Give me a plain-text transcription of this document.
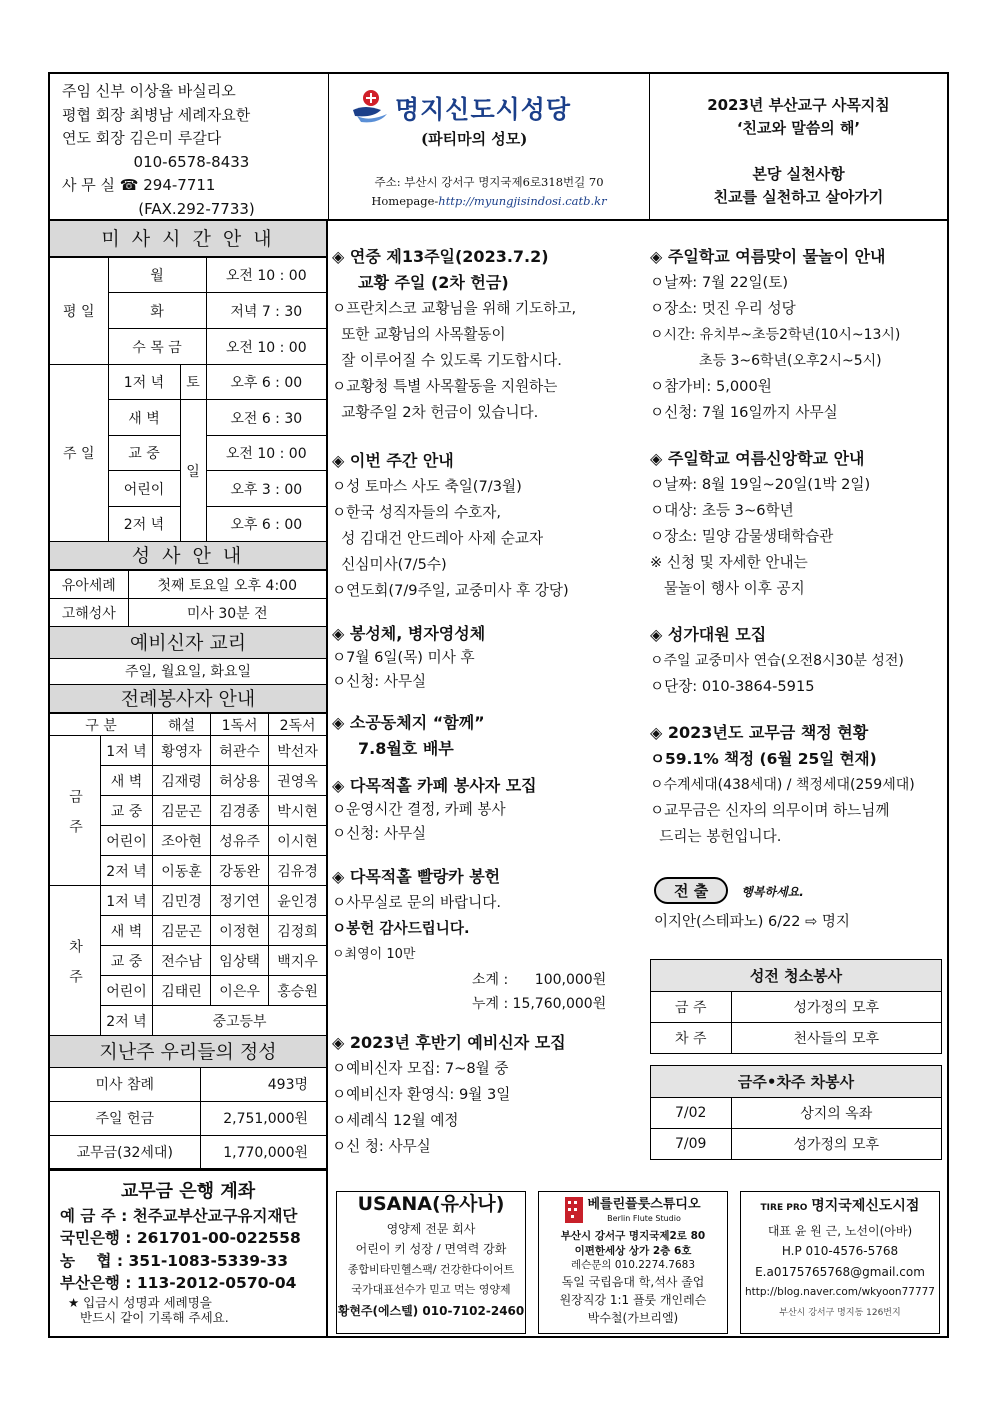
주임 신부 이상율 바실리오
평협 회장 최병남 세례자요한
연도 회장 김은미 루갈다
010-6578-8433
사 무 실 ☎ 294-7711
(FAX.292-7733)
명지신도시성당
(파티마의 성모)
주소: 부산시 강서구 명지국제6로318번길 70
Homepage-http://myungjisindosi.catb.kr
2023년 부산교구 사목지침
‘친교와 말씀의 해’
본당 실천사항
친교를 실천하고 살아가기
미 사 시 간 안 내
평 일	월		오전 10 : 00
	화		저녁 7 : 30
	수 목 금		오전 10 : 00
주 일	1저 녁	토	오후 6 : 00
	새 벽	일	오전 6 : 30
	교 중		오전 10 : 00
	어린이		오후 3 : 00
	2저 녁		오후 6 : 00
성 사 안 내
유아세례	첫째 토요일 오후 4:00
고해성사	미사 30분 전
예비신자 교리
주일, 월요일, 화요일
전례봉사자 안내
구 분		해설	1독서	2독서
금 주	1저 녁	황영자	허관수	박선자
	새 벽	김재령	허상용	권영옥
	교 중	김문곤	김경종	박시현
	어린이	조아현	성유주	이시현
	2저 녁	이동훈	강동완	김유경
차 주	1저 녁	김민경	정기연	윤인경
	새 벽	김문곤	이정현	김정희
	교 중	전수남	임상택	백지우
	어린이	김태린	이은우	홍승원
	2저 녁	중고등부		
지난주 우리들의 정성
미사 참례	493명
주일 헌금	2,751,000원
교무금(32세대)	1,770,000원
교무금 은행 계좌
예 금 주 : 천주교부산교구유지재단
국민은행 : 261701-00-022558
농    협 : 351-1083-5339-33
부산은행 : 113-2012-0570-04
★ 입금시 성명과 세례명을
반드시 같이 기록해 주세요.
◈ 연중 제13주일(2023.7.2)
교황 주일 (2차 헌금)
ㅇ프란치스코 교황님을 위해 기도하고,
또한 교황님의 사목활동이
잘 이루어질 수 있도록 기도합시다.
ㅇ교황청 특별 사목활동을 지원하는
교황주일 2차 헌금이 있습니다.
◈ 이번 주간 안내
ㅇ성 토마스 사도 축일(7/3월)
ㅇ한국 성직자들의 수호자,
성 김대건 안드레아 사제 순교자
신심미사(7/5수)
ㅇ연도회(7/9주일, 교중미사 후 강당)
◈ 봉성체, 병자영성체
ㅇ7월 6일(목) 미사 후
ㅇ신청: 사무실
◈ 소공동체지 “함께”
7.8월호 배부
◈ 다목적홀 카페 봉사자 모집
ㅇ운영시간 결정, 카페 봉사
ㅇ신청: 사무실
◈ 다목적홀 빨랑카 봉헌
ㅇ사무실로 문의 바랍니다.
ㅇ봉헌 감사드립니다.
ㅇ최영이 10만
소계 : 100,000원
누계 : 15,760,000원
◈ 2023년 후반기 예비신자 모집
ㅇ예비신자 모집: 7~8월 중
ㅇ예비신자 환영식: 9월 3일
ㅇ세례식 12월 예정
ㅇ신 청: 사무실
◈ 주일학교 여름맞이 물놀이 안내
ㅇ날짜: 7월 22일(토)
ㅇ장소: 멋진 우리 성당
ㅇ시간: 유치부~초등2학년(10시~13시)
초등 3~6학년(오후2시~5시)
ㅇ참가비: 5,000원
ㅇ신청: 7월 16일까지 사무실
◈ 주일학교 여름신앙학교 안내
ㅇ날짜: 8월 19일~20일(1박 2일)
ㅇ대상: 초등 3~6학년
ㅇ장소: 밀양 감물생태학습관
※ 신청 및 자세한 안내는
물놀이 행사 이후 공지
◈ 성가대원 모집
ㅇ주일 교중미사 연습(오전8시30분 성전)
ㅇ단장: 010-3864-5915
◈ 2023년도 교무금 책정 현황
ㅇ59.1% 책정 (6월 25일 현재)
ㅇ수계세대(438세대) / 책정세대(259세대)
ㅇ교무금은 신자의 의무이며 하느님께
드리는 봉헌입니다.
전 출	행복하세요.
이지안(스테파노) 6/22 ⇨ 명지
성전 청소봉사	
금 주	성가정의 모후
차 주	천사들의 모후
금주•차주 차봉사	
7/02	상지의 옥좌
7/09	성가정의 모후
USANA(유사나)
영양제 전문 회사
어린이 키 성장 / 면역력 강화
종합비타민헬스팩/ 건강한다이어트
국가대표선수가 믿고 먹는 영양제
황현주(에스텔) 010-7102-2460
베를린플룻스튜디오
Berlin Flute Studio
부산시 강서구 명지국제2로 80
이편한세상 상가 2층 6호
레슨문의 010.2274.7683
독일 국립음대 학,석사 졸업
원장직강 1:1 플룻 개인레슨
박수철(가브리엘)
TIRE PRO 명지국제신도시점
대표 윤 원 근, 노선이(아바)
H.P 010-4576-5768
E.a0175765768@gmail.com
http://blog.naver.com/wkyoon77777
부산시 강서구 명지동 126번지
